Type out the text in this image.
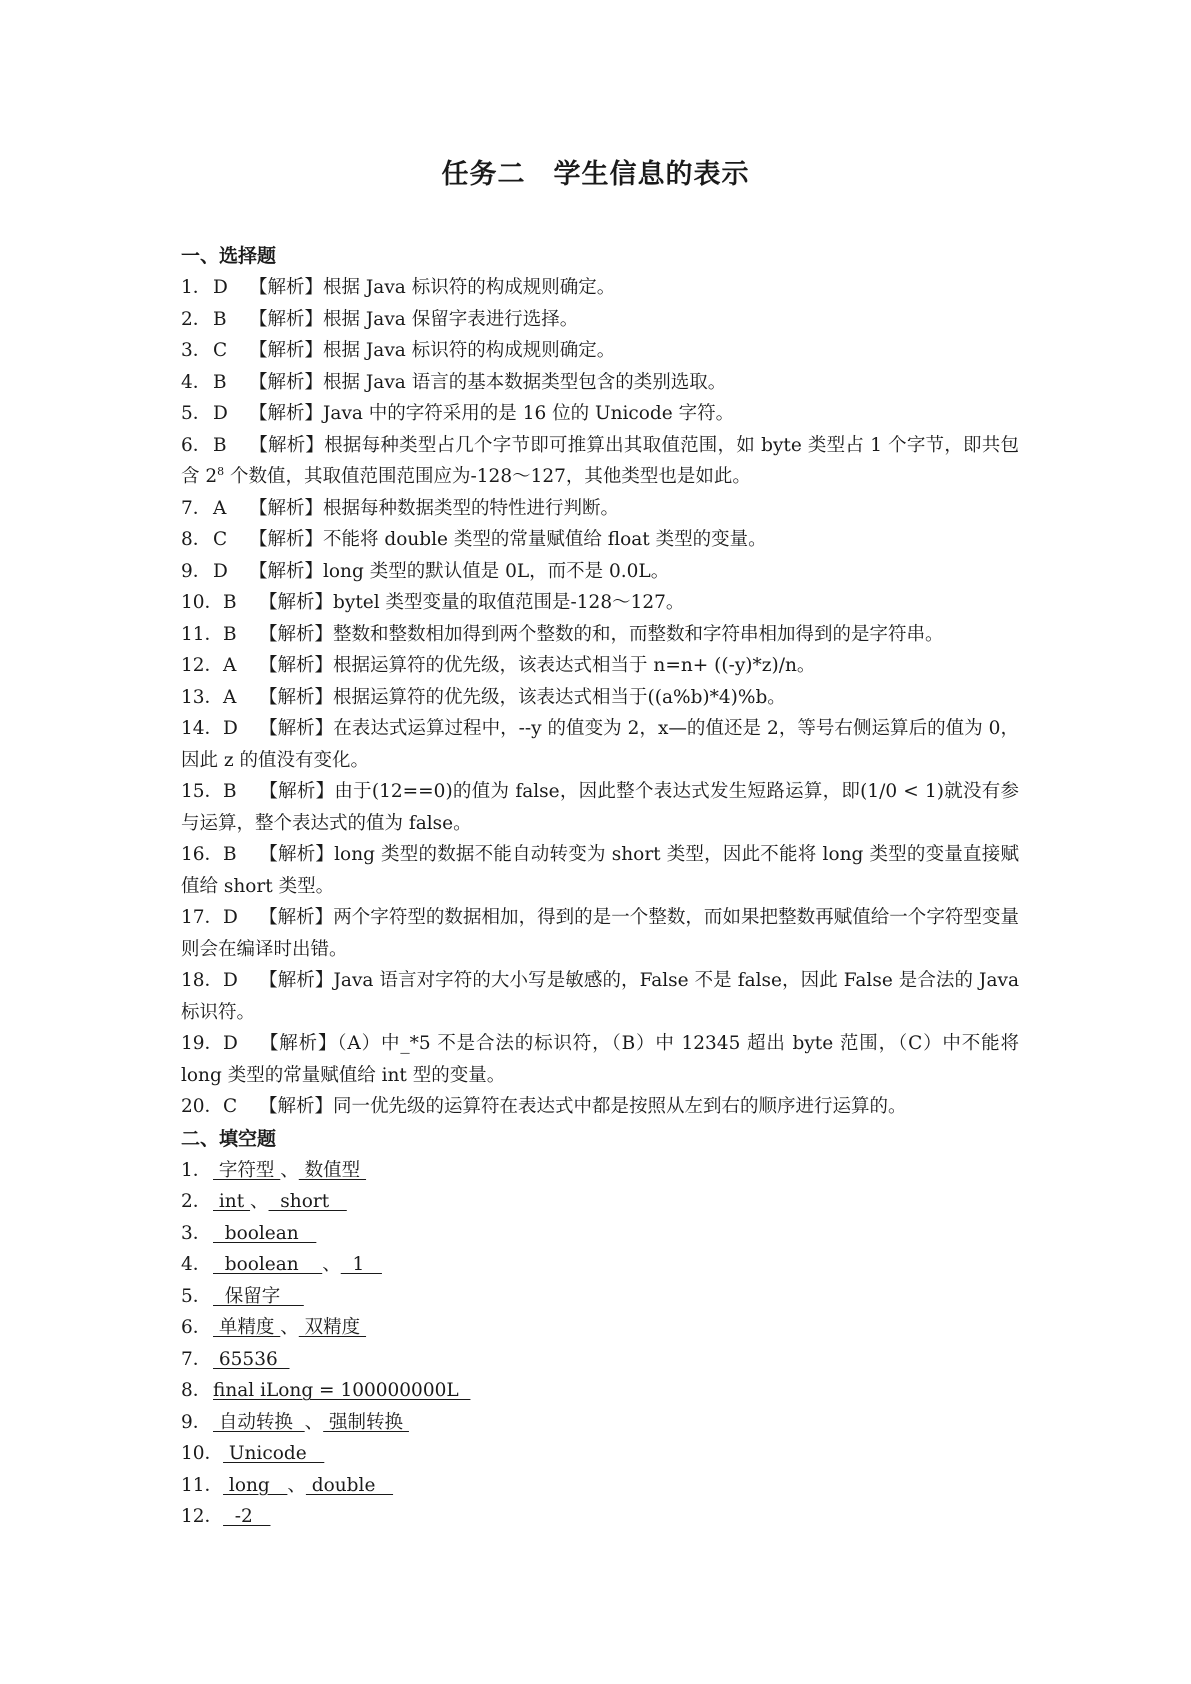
任务二　学生信息的表示
一、选择题
1．D 【解析】根据 Java 标识符的构成规则确定。
2．B 【解析】根据 Java 保留字表进行选择。
3．C 【解析】根据 Java 标识符的构成规则确定。
4．B 【解析】根据 Java 语言的基本数据类型包含的类别选取。
5．D 【解析】Java 中的字符采用的是 16 位的 Unicode 字符。
6．B 【解析】根据每种类型占几个字节即可推算出其取值范围，如 byte 类型占 1 个字节，即共包含 $2^8$ 个数值，其取值范围范围应为-128～127，其他类型也是如此。
7．A 【解析】根据每种数据类型的特性进行判断。
8．C 【解析】不能将 double 类型的常量赋值给 float 类型的变量。
9．D 【解析】long 类型的默认值是 0L，而不是 0.0L。
10．B 【解析】bytel 类型变量的取值范围是-128～127。
11．B 【解析】整数和整数相加得到两个整数的和，而整数和字符串相加得到的是字符串。
12．A 【解析】根据运算符的优先级，该表达式相当于 n=n+ ((-y)*z)/n。
13．A 【解析】根据运算符的优先级，该表达式相当于((a%b)*4)%b。
14．D 【解析】在表达式运算过程中，--y 的值变为 2，x—的值还是 2，等号右侧运算后的值为 0，因此 z 的值没有变化。
15．B 【解析】由于(12==0)的值为 false，因此整个表达式发生短路运算，即(1/0 < 1)就没有参与运算，整个表达式的值为 false。
16．B 【解析】long 类型的数据不能自动转变为 short 类型，因此不能将 long 类型的变量直接赋值给 short 类型。
17．D 【解析】两个字符型的数据相加，得到的是一个整数，而如果把整数再赋值给一个字符型变量则会在编译时出错。
18．D 【解析】Java 语言对字符的大小写是敏感的，False 不是 false，因此 False 是合法的 Java 标识符。
19．D 【解析】（A）中_*5 不是合法的标识符，（B）中 12345 超出 byte 范围，（C）中不能将 long 类型的常量赋值给 int 型的变量。
20．C 【解析】同一优先级的运算符在表达式中都是按照从左到右的顺序进行运算的。
二、填空题
1． 字符型 、 数值型
2． int 、  short
3．  boolean
4．  boolean    、  1
5．  保留字
6． 单精度 、 双精度
7． 65536
8．final iLong = 100000000L
9． 自动转换  、 强制转换
10． Unicode
11． long   、 double
12．  -2
